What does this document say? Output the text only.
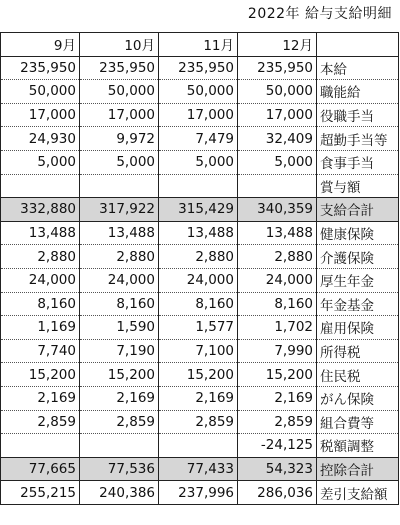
2022年 給与支給明細
9月	10月	11月	12月	
235,950	235,950	235,950	235,950	本給
50,000	50,000	50,000	50,000	職能給
17,000	17,000	17,000	17,000	役職手当
24,930	9,972	7,479	32,409	超勤手当等
5,000	5,000	5,000	5,000	食事手当
				賞与額
332,880	317,922	315,429	340,359	支給合計
13,488	13,488	13,488	13,488	健康保険
2,880	2,880	2,880	2,880	介護保険
24,000	24,000	24,000	24,000	厚生年金
8,160	8,160	8,160	8,160	年金基金
1,169	1,590	1,577	1,702	雇用保険
7,740	7,190	7,100	7,990	所得税
15,200	15,200	15,200	15,200	住民税
2,169	2,169	2,169	2,169	がん保険
2,859	2,859	2,859	2,859	組合費等
			-24,125	税額調整
77,665	77,536	77,433	54,323	控除合計
255,215	240,386	237,996	286,036	差引支給額
